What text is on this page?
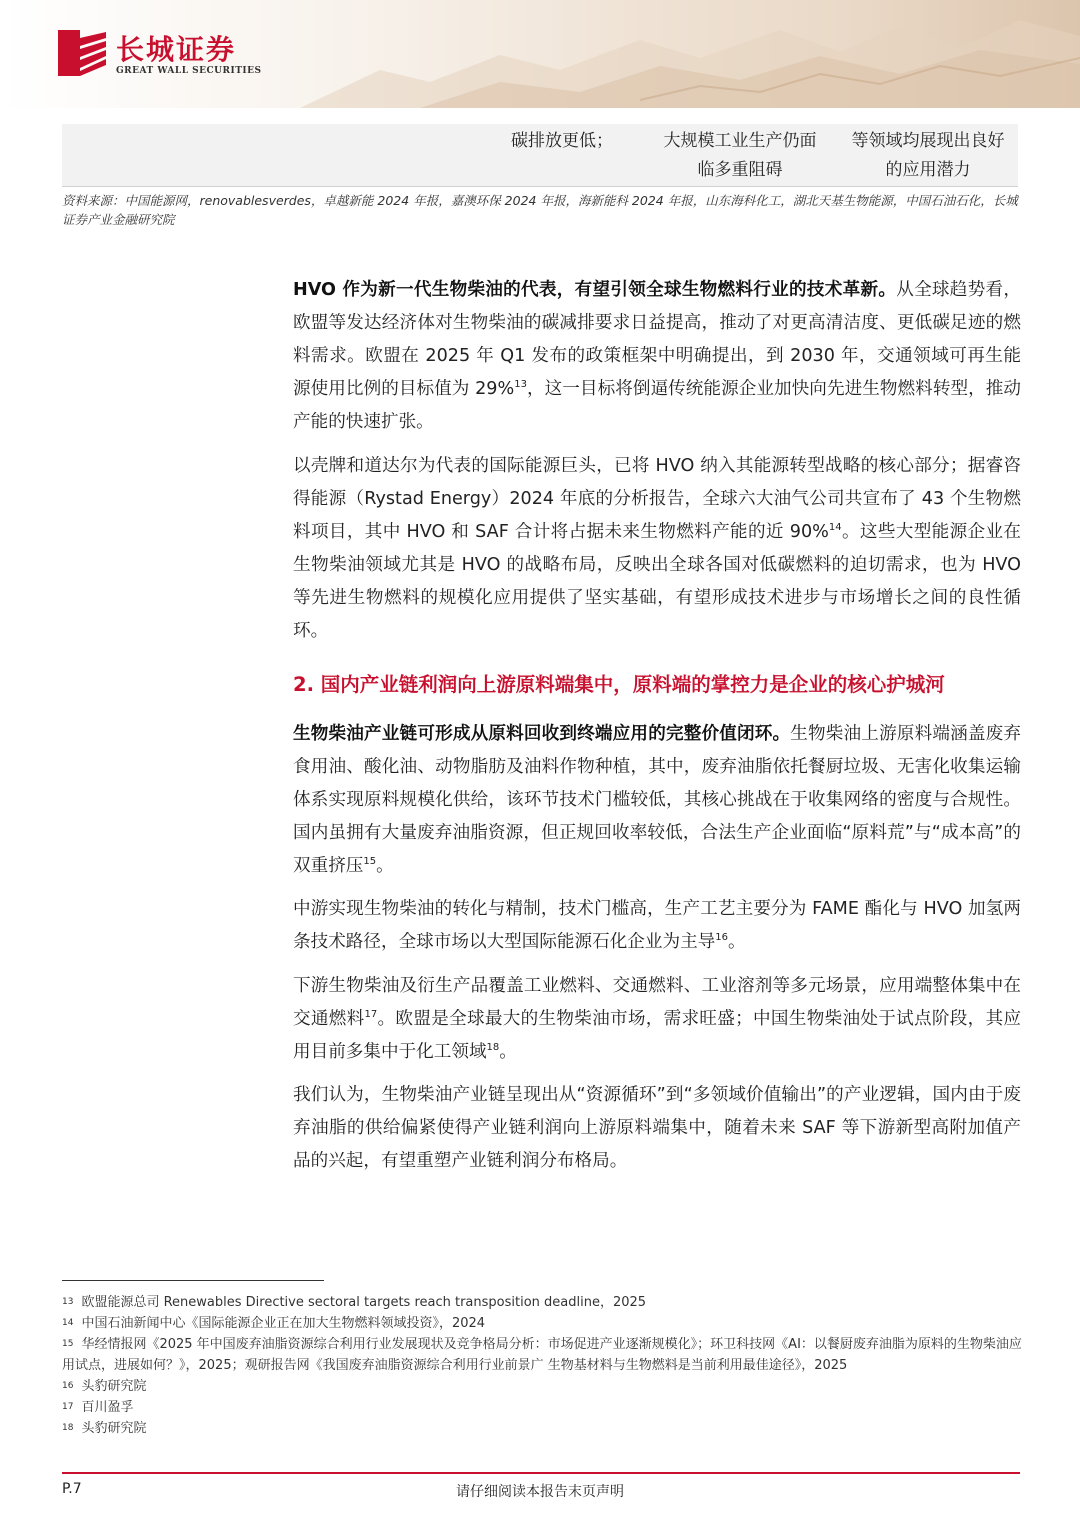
长城证券
GREAT WALL SECURITIES
碳排放更低；	大规模工业生产仍面
临多重阻碍
等领域均展现出良好
的应用潜力
资料来源：中国能源网，renovablesverdes，卓越新能 2024 年报，嘉澳环保 2024 年报，海新能科 2024 年报，山东海科化工，湖北天基生物能源，中国石油石化，长城证券产业金融研究院
HVO 作为新一代生物柴油的代表，有望引领全球生物燃料行业的技术革新。从全球趋势看，欧盟等发达经济体对生物柴油的碳减排要求日益提高，推动了对更高清洁度、更低碳足迹的燃料需求。欧盟在 2025 年 Q1 发布的政策框架中明确提出，到 2030 年，交通领域可再生能源使用比例的目标值为 29%$^{13}$，这一目标将倒逼传统能源企业加快向先进生物燃料转型，推动产能的快速扩张。
以壳牌和道达尔为代表的国际能源巨头，已将 HVO 纳入其能源转型战略的核心部分；据睿咨得能源（Rystad Energy）2024 年底的分析报告，全球六大油气公司共宣布了 43 个生物燃料项目，其中 HVO 和 SAF 合计将占据未来生物燃料产能的近 90%$^{14}$。这些大型能源企业在生物柴油领域尤其是 HVO 的战略布局，反映出全球各国对低碳燃料的迫切需求，也为 HVO 等先进生物燃料的规模化应用提供了坚实基础，有望形成技术进步与市场增长之间的良性循环。
2. 国内产业链利润向上游原料端集中，原料端的掌控力是企业的核心护城河
生物柴油产业链可形成从原料回收到终端应用的完整价值闭环。生物柴油上游原料端涵盖废弃食用油、酸化油、动物脂肪及油料作物种植，其中，废弃油脂依托餐厨垃圾、无害化收集运输体系实现原料规模化供给，该环节技术门槛较低，其核心挑战在于收集网络的密度与合规性。国内虽拥有大量废弃油脂资源，但正规回收率较低，合法生产企业面临“原料荒”与“成本高”的双重挤压$^{15}$。
中游实现生物柴油的转化与精制，技术门槛高，生产工艺主要分为 FAME 酯化与 HVO 加氢两条技术路径，全球市场以大型国际能源石化企业为主导$^{16}$。
下游生物柴油及衍生产品覆盖工业燃料、交通燃料、工业溶剂等多元场景，应用端整体集中在交通燃料$^{17}$。欧盟是全球最大的生物柴油市场，需求旺盛；中国生物柴油处于试点阶段，其应用目前多集中于化工领域$^{18}$。
我们认为，生物柴油产业链呈现出从“资源循环”到“多领域价值输出”的产业逻辑，国内由于废弃油脂的供给偏紧使得产业链利润向上游原料端集中，随着未来 SAF 等下游新型高附加值产品的兴起，有望重塑产业链利润分布格局。
$^{13}$ 欧盟能源总司 Renewables Directive sectoral targets reach transposition deadline，2025
$^{14}$ 中国石油新闻中心《国际能源企业正在加大生物燃料领域投资》，2024
$^{15}$ 华经情报网《2025 年中国废弃油脂资源综合利用行业发展现状及竞争格局分析：市场促进产业逐渐规模化》；环卫科技网《AI：以餐厨废弃油脂为原料的生物柴油应用试点，进展如何？》，2025；观研报告网《我国废弃油脂资源综合利用行业前景广 生物基材料与生物燃料是当前利用最佳途径》，2025
$^{16}$ 头豹研究院
$^{17}$ 百川盈孚
$^{18}$ 头豹研究院
请仔细阅读本报告末页声明
P.7
